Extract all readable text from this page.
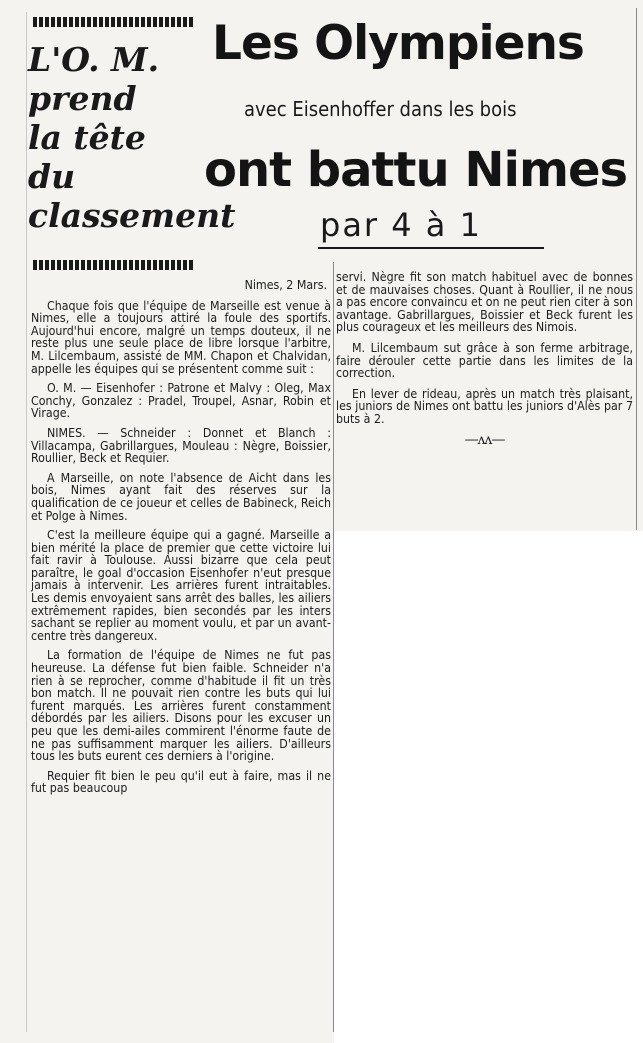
L'O. M.
prend
la tête
du
classement
Les Olympiens
avec Eisenhoffer dans les bois
ont battu Nimes
par 4 à 1
Nimes, 2 Mars.

Chaque fois que l'équipe de Marseille est venue à Nimes, elle a toujours attiré la foule des sportifs. Aujourd'hui encore, malgré un temps douteux, il ne reste plus une seule place de libre lorsque l'arbitre, M. Lilcembaum, assisté de MM. Chapon et Chalvidan, appelle les équipes qui se présentent comme suit :

O. M. — Eisenhofer : Patrone et Malvy : Oleg, Max Conchy, Gonzalez : Pradel, Troupel, Asnar, Robin et Virage.

NIMES. — Schneider : Donnet et Blanch : Villacampa, Gabrillargues, Mouleau : Nègre, Boissier, Roullier, Beck et Requier.

A Marseille, on note l'absence de Aicht dans les bois, Nimes ayant fait des réserves sur la qualification de ce joueur et celles de Babineck, Reich et Polge à Nimes.

C'est la meilleure équipe qui a gagné. Marseille a bien mérité la place de premier que cette victoire lui fait ravir à Toulouse. Aussi bizarre que cela peut paraître, le goal d'occasion Eisenhofer n'eut presque jamais à intervenir. Les arrières furent intraitables. Les demis envoyaient sans arrêt des balles, les ailiers extrêmement rapides, bien secondés par les inters sachant se replier au moment voulu, et par un avant-centre très dangereux.

La formation de l'équipe de Nimes ne fut pas heureuse. La défense fut bien faible. Schneider n'a rien à se reprocher, comme d'habitude il fit un très bon match. Il ne pouvait rien contre les buts qui lui furent marqués. Les arrières furent constamment débordés par les ailiers. Disons pour les excuser un peu que les demi-ailes commirent l'énorme faute de ne pas suffisamment marquer les ailiers. D'ailleurs tous les buts eurent ces derniers à l'origine.

Requier fit bien le peu qu'il eut à faire, mas il ne fut pas beaucoup

servi. Nègre fit son match habituel avec de bonnes et de mauvaises choses. Quant à Roullier, il ne nous a pas encore convaincu et on ne peut rien citer à son avantage. Gabrillargues, Boissier et Beck furent les plus courageux et les meilleurs des Nimois.

M. Lilcembaum sut grâce à son ferme arbitrage, faire dérouler cette partie dans les limites de la correction.

En lever de rideau, après un match très plaisant, les juniors de Nimes ont battu les juniors d'Alès par 7 buts à 2.

—ʌʌ—
